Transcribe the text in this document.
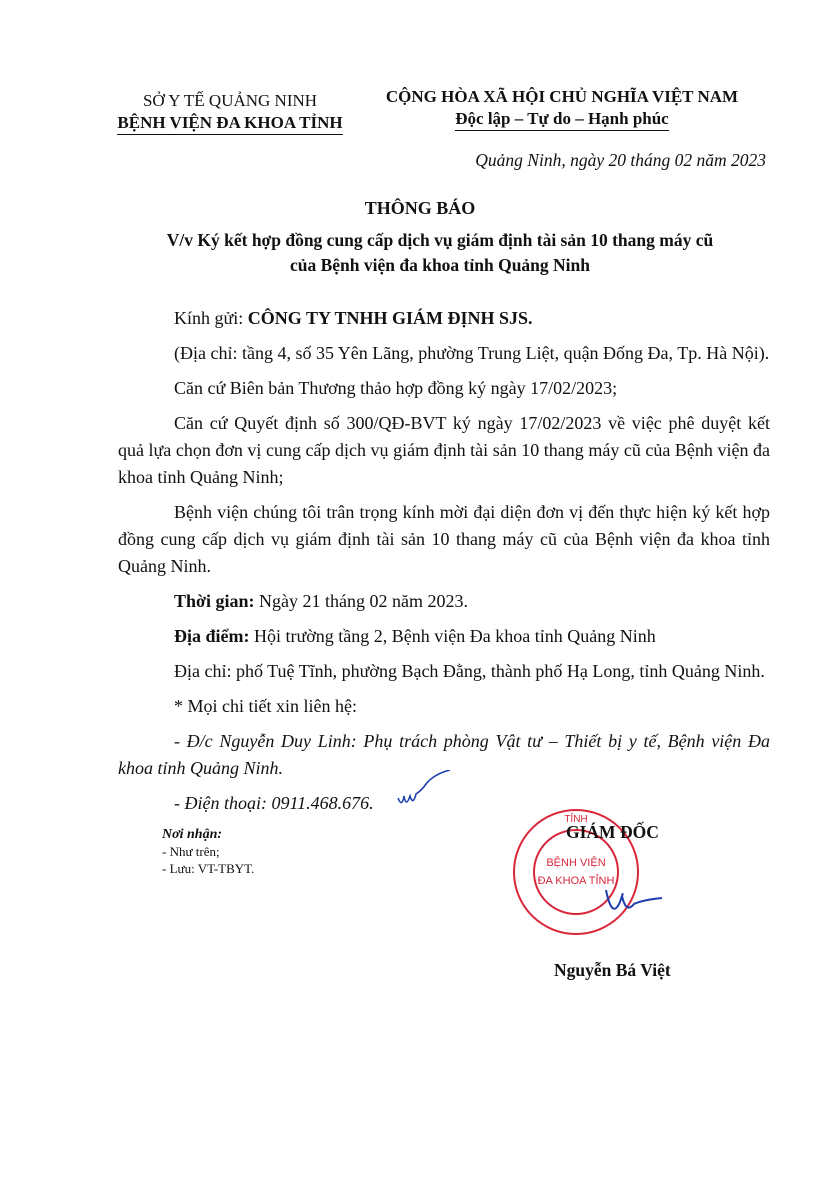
SỞ Y TẾ QUẢNG NINH
BỆNH VIỆN ĐA KHOA TỈNH
CỘNG HÒA XÃ HỘI CHỦ NGHĨA VIỆT NAM
Độc lập – Tự do – Hạnh phúc
Quảng Ninh, ngày 20 tháng 02 năm 2023
THÔNG BÁO
V/v Ký kết hợp đồng cung cấp dịch vụ giám định tài sản 10 thang máy cũ
của Bệnh viện đa khoa tỉnh Quảng Ninh

Kính gửi: CÔNG TY TNHH GIÁM ĐỊNH SJS.

(Địa chỉ: tầng 4, số 35 Yên Lãng, phường Trung Liệt, quận Đống Đa, Tp. Hà Nội).

Căn cứ Biên bản Thương thảo hợp đồng ký ngày 17/02/2023;

Căn cứ Quyết định số 300/QĐ-BVT ký ngày 17/02/2023 về việc phê duyệt kết quả lựa chọn đơn vị cung cấp dịch vụ giám định tài sản 10 thang máy cũ của Bệnh viện đa khoa tỉnh Quảng Ninh;

Bệnh viện chúng tôi trân trọng kính mời đại diện đơn vị đến thực hiện ký kết hợp đồng cung cấp dịch vụ giám định tài sản 10 thang máy cũ của Bệnh viện đa khoa tỉnh Quảng Ninh.

Thời gian: Ngày 21 tháng 02 năm 2023.

Địa điểm: Hội trường tầng 2, Bệnh viện Đa khoa tỉnh Quảng Ninh

Địa chỉ: phố Tuệ Tĩnh, phường Bạch Đằng, thành phố Hạ Long, tỉnh Quảng Ninh.

* Mọi chi tiết xin liên hệ:

- Đ/c Nguyễn Duy Linh: Phụ trách phòng Vật tư – Thiết bị y tế, Bệnh viện Đa khoa tỉnh Quảng Ninh.

- Điện thoại: 0911.468.676.

Nơi nhận:
- Như trên;
- Lưu: VT-TBYT.
TỈNH
BỆNH VIỆN
ĐA KHOA TỈNH
GIÁM ĐỐC
Nguyễn Bá Việt
